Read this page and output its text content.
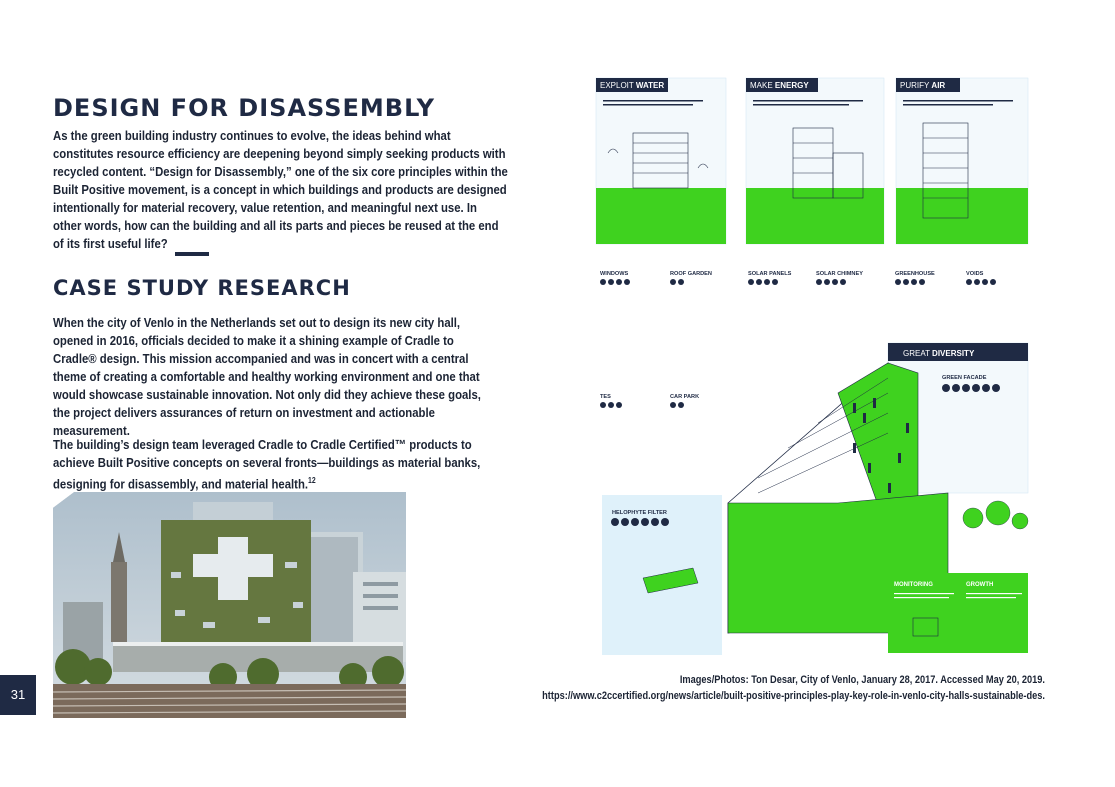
DESIGN FOR DISASSEMBLY

As the green building industry continues to evolve, the ideas behind what constitutes resource efficiency are deepening beyond simply seeking products with recycled content. “Design for Disassembly,” one of the six core principles within the Built Positive movement, is a concept in which buildings and products are designed intentionally for material recovery, value retention, and meaningful next use. In other words, how can the building and all its parts and pieces be reused at the end of its first useful life?

CASE STUDY RESEARCH

When the city of Venlo in the Netherlands set out to design its new city hall, opened in 2016, officials decided to make it a shining example of Cradle to Cradle® design. This mission accompanied and was in concert with a central theme of creating a comfortable and healthy working environment and one that would showcase sustainable innovation. Not only did they achieve these goals, the project delivers assurances of return on investment and actionable measurement.

The building’s design team leveraged Cradle to Cradle Certified™ products to achieve Built Positive concepts on several fronts—buildings as material banks, designing for disassembly, and material health.$^{12}$

31
Images/Photos: Ton Desar, City of Venlo, January 28, 2017. Accessed May 20, 2019. https://www.c2ccertified.org/news/article/built-positive-principles-play-key-role-in-venlo-city-halls-sustainable-des.
EXPLOIT WATER	MAKE ENERGY	PURIFY AIR
WINDOWS	ROOF GARDEN	SOLAR PANELS	SOLAR CHIMNEY	GREENHOUSE	VOIDS
GREAT DIVERSITY
GREEN FACADE
TES	CAR PARK
HELOPHYTE FILTER
MONITORING	GROWTH
